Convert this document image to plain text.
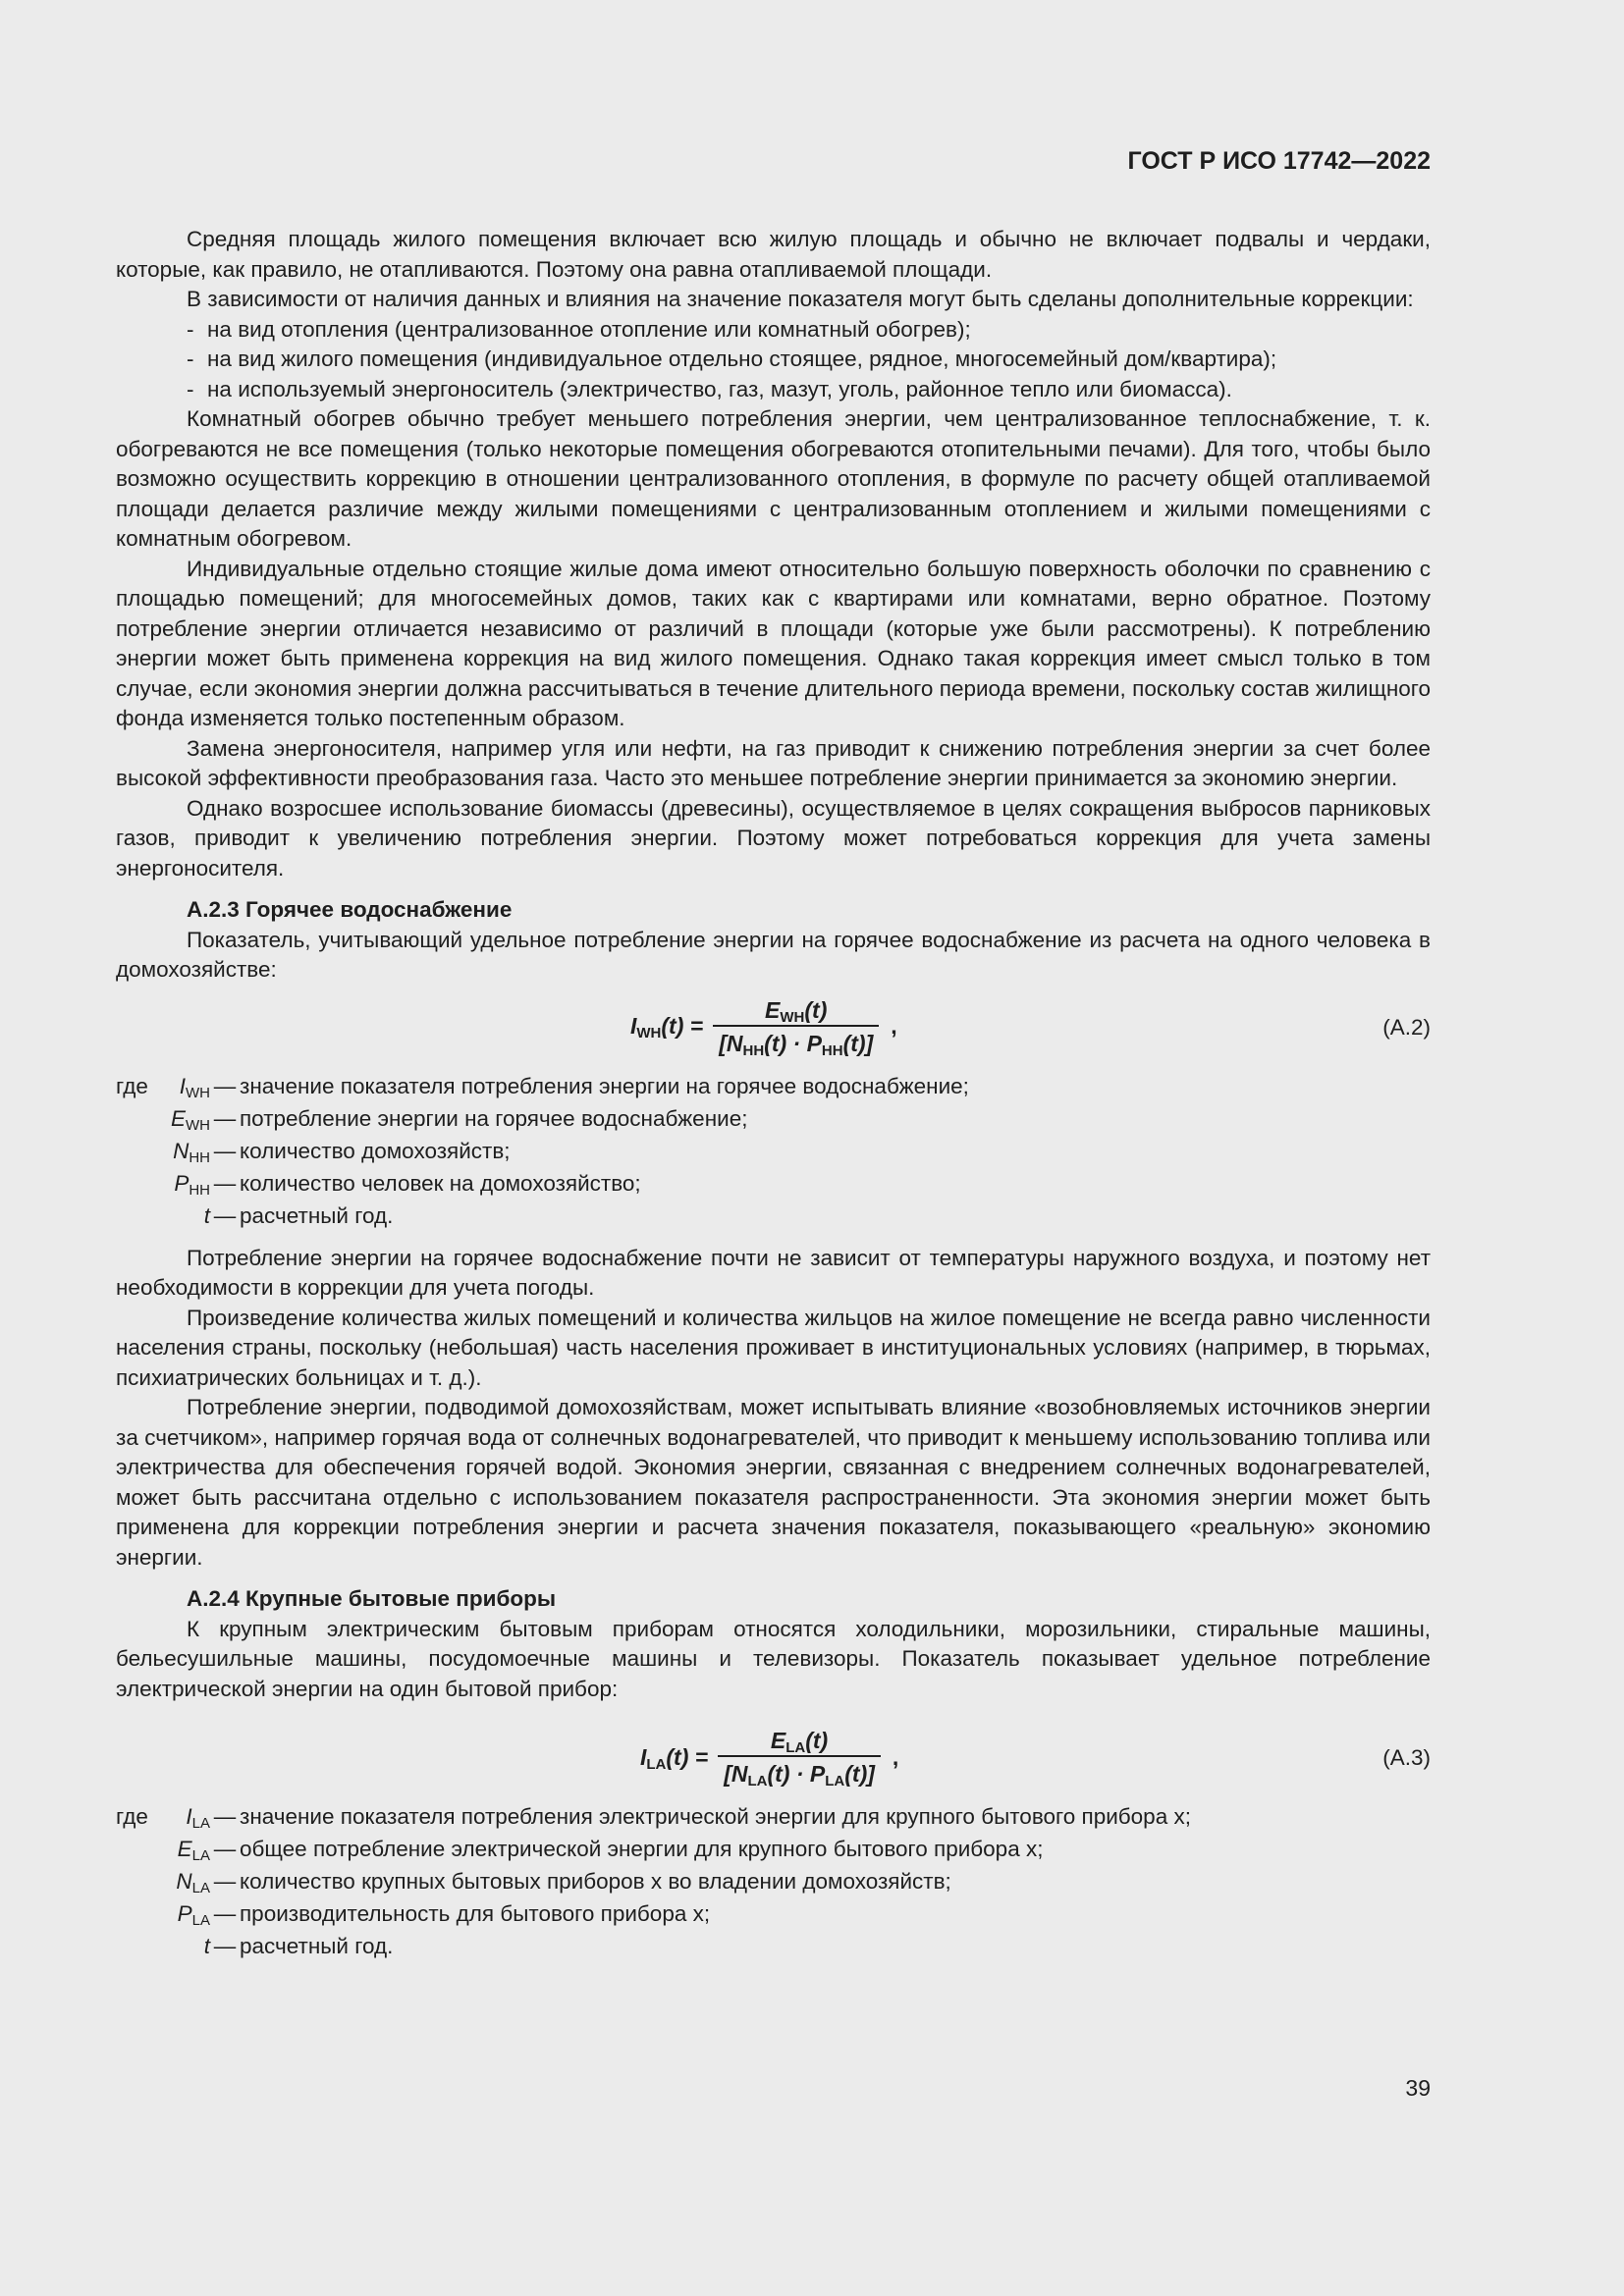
ГОСТ Р ИСО 17742—2022

Средняя площадь жилого помещения включает всю жилую площадь и обычно не включает подвалы и чердаки, которые, как правило, не отапливаются. Поэтому она равна отапливаемой площади.

В зависимости от наличия данных и влияния на значение показателя могут быть сделаны дополнительные коррекции:

- на вид отопления (централизованное отопление или комнатный обогрев);
- на вид жилого помещения (индивидуальное отдельно стоящее, рядное, многосемейный дом/квартира);
- на используемый энергоноситель (электричество, газ, мазут, уголь, районное тепло или биомасса).

Комнатный обогрев обычно требует меньшего потребления энергии, чем централизованное теплоснабжение, т. к. обогреваются не все помещения (только некоторые помещения обогреваются отопительными печами). Для того, чтобы было возможно осуществить коррекцию в отношении централизованного отопления, в формуле по расчету общей отапливаемой площади делается различие между жилыми помещениями с централизованным отоплением и жилыми помещениями с комнатным обогревом.

Индивидуальные отдельно стоящие жилые дома имеют относительно большую поверхность оболочки по сравнению с площадью помещений; для многосемейных домов, таких как с квартирами или комнатами, верно обратное. Поэтому потребление энергии отличается независимо от различий в площади (которые уже были рассмотрены). К потреблению энергии может быть применена коррекция на вид жилого помещения. Однако такая коррекция имеет смысл только в том случае, если экономия энергии должна рассчитываться в течение длительного периода времени, поскольку состав жилищного фонда изменяется только постепенным образом.

Замена энергоносителя, например угля или нефти, на газ приводит к снижению потребления энергии за счет более высокой эффективности преобразования газа. Часто это меньшее потребление энергии принимается за экономию энергии.

Однако возросшее использование биомассы (древесины), осуществляемое в целях сокращения выбросов парниковых газов, приводит к увеличению потребления энергии. Поэтому может потребоваться коррекция для учета замены энергоносителя.

А.2.3 Горячее водоснабжение

Показатель, учитывающий удельное потребление энергии на горячее водоснабжение из расчета на одного человека в домохозяйстве:

$I_{WH}(t) = \frac{E_{WH}(t)}{[N_{HH}(t) \cdot P_{HH}(t)]}$ ,	(А.2)
где $I_{WH}$ — значение показателя потребления энергии на горячее водоснабжение;
$E_{WH}$ — потребление энергии на горячее водоснабжение;
$N_{HH}$ — количество домохозяйств;
$P_{HH}$ — количество человек на домохозяйство;
t — расчетный год.

Потребление энергии на горячее водоснабжение почти не зависит от температуры наружного воздуха, и поэтому нет необходимости в коррекции для учета погоды.

Произведение количества жилых помещений и количества жильцов на жилое помещение не всегда равно численности населения страны, поскольку (небольшая) часть населения проживает в институциональных условиях (например, в тюрьмах, психиатрических больницах и т. д.).

Потребление энергии, подводимой домохозяйствам, может испытывать влияние «возобновляемых источников энергии за счетчиком», например горячая вода от солнечных водонагревателей, что приводит к меньшему использованию топлива или электричества для обеспечения горячей водой. Экономия энергии, связанная с внедрением солнечных водонагревателей, может быть рассчитана отдельно с использованием показателя распространенности. Эта экономия энергии может быть применена для коррекции потребления энергии и расчета значения показателя, показывающего «реальную» экономию энергии.

А.2.4 Крупные бытовые приборы

К крупным электрическим бытовым приборам относятся холодильники, морозильники, стиральные машины, бельесушильные машины, посудомоечные машины и телевизоры. Показатель показывает удельное потребление электрической энергии на один бытовой прибор:

$I_{LA}(t) = \frac{E_{LA}(t)}{[N_{LA}(t) \cdot P_{LA}(t)]}$ ,	(А.3)
где $I_{LA}$ — значение показателя потребления электрической энергии для крупного бытового прибора x;
$E_{LA}$ — общее потребление электрической энергии для крупного бытового прибора x;
$N_{LA}$ — количество крупных бытовых приборов x во владении домохозяйств;
$P_{LA}$ — производительность для бытового прибора x;
t — расчетный год.
39
